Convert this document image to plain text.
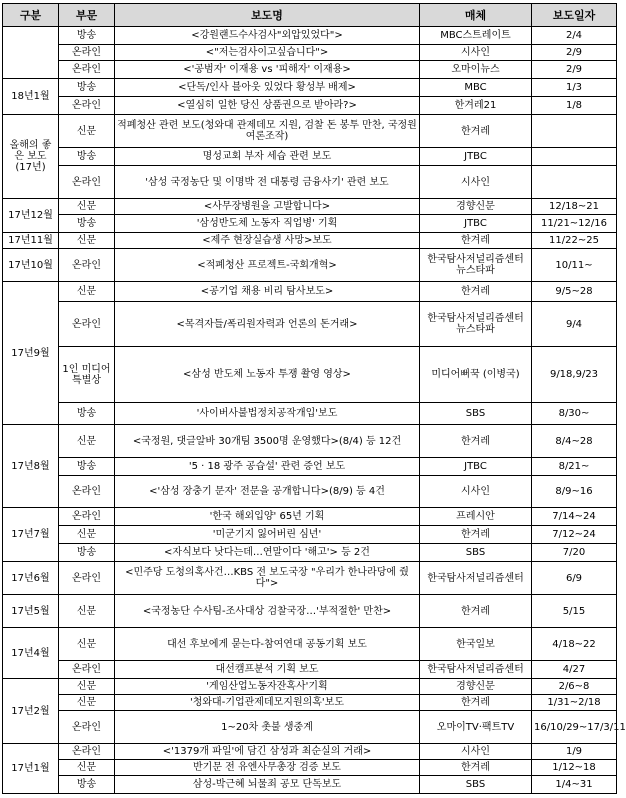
구분	부문	보도명	매체	보도일자
	방송	<강원랜드수사검사"외압있었다">	MBC스트레이트	2/4
	온라인	<"저는검사이고싶습니다">	시사인	2/9
	온라인	<'공범자' 이재용 vs '피해자' 이재용>	오마이뉴스	2/9
18년1월	방송	<단독/인사 블아웃 있었다 황성부 배제>	MBC	1/3
	온라인	<열심히 일한 당신 상품권으로 받아라?>	한겨레21	1/8
올해의 좋은 보도 (17년)	신문	적폐청산 관련 보도(청와대 관제데모 지원, 검찰 돈 봉투 만찬, 국정원 여론조작)	한겨레	
	방송	명성교회 부자 세습 관련 보도	JTBC	
	온라인	'삼성 국정농단 및 이명박 전 대통령 금융사기' 관련 보도	시사인	
17년12월	신문	<사무장병원을 고발합니다>	경향신문	12/18~21
	방송	'삼성반도체 노동자 직업병' 기획	JTBC	11/21~12/16
17년11월	신문	<제주 현장실습생 사망>보도	한겨레	11/22~25
17년10월	온라인	<적폐청산 프로젝트-국회개혁>	한국탐사저널리즘센터 뉴스타파	10/11~
17년9월	신문	<공기업 채용 비리 탐사보도>	한겨레	9/5~28
	온라인	<목격자들/폭리원자력과 언론의 돈거래>	한국탐사저널리즘센터 뉴스타파	9/4
	1인 미디어 특별상	<삼성 반도체 노동자 투쟁 촬영 영상>	미디어뻐꾹 (이병국)	9/18,9/23
	방송	'사이버사불법정치공작개입'보도	SBS	8/30~
17년8월	신문	<국정원, 댓글알바 30개팀 3500명 운영했다>(8/4) 등 12건	한겨레	8/4~28
	방송	'5 · 18 광주 공습설' 관련 증언 보도	JTBC	8/21~
	온라인	<'삼성 장충기 문자' 전문을 공개합니다>(8/9) 등 4건	시사인	8/9~16
17년7월	온라인	'한국 해외입양' 65년 기획	프레시안	7/14~24
	신문	'미군기지 잃어버린 심년'	한겨레	7/12~24
	방송	<자식보다 낫다는데…연말이다 '해고'> 등 2건	SBS	7/20
17년6월	온라인	<민주당 도청의혹사건…KBS 전 보도국장 "우리가 한나라당에 줬다">	한국탐사저널리즘센터	6/9
17년5월	신문	<국정농단 수사팀-조사대상 검찰국장…'부적절한' 만찬>	한겨레	5/15
17년4월	신문	대선 후보에게 묻는다-참여연대 공동기획 보도	한국일보	4/18~22
	온라인	대선캠프분석 기획 보도	한국탐사저널리즘센터	4/27
17년2월	신문	'게임산업노동자잔혹사'기획	경향신문	2/6~8
	신문	'청와대-기업관제데모지원의혹'보도	한겨레	1/31~2/18
	온라인	1~20차 촛불 생중계	오마이TV·팩트TV	16/10/29~17/3/11
17년1월	온라인	<'1379개 파일'에 담긴 삼성과 최순실의 거래>	시사인	1/9
	신문	반기문 전 유엔사무총장 검증 보도	한겨레	1/12~18
	방송	삼성-박근혜 뇌물죄 공모 단독보도	SBS	1/4~31
